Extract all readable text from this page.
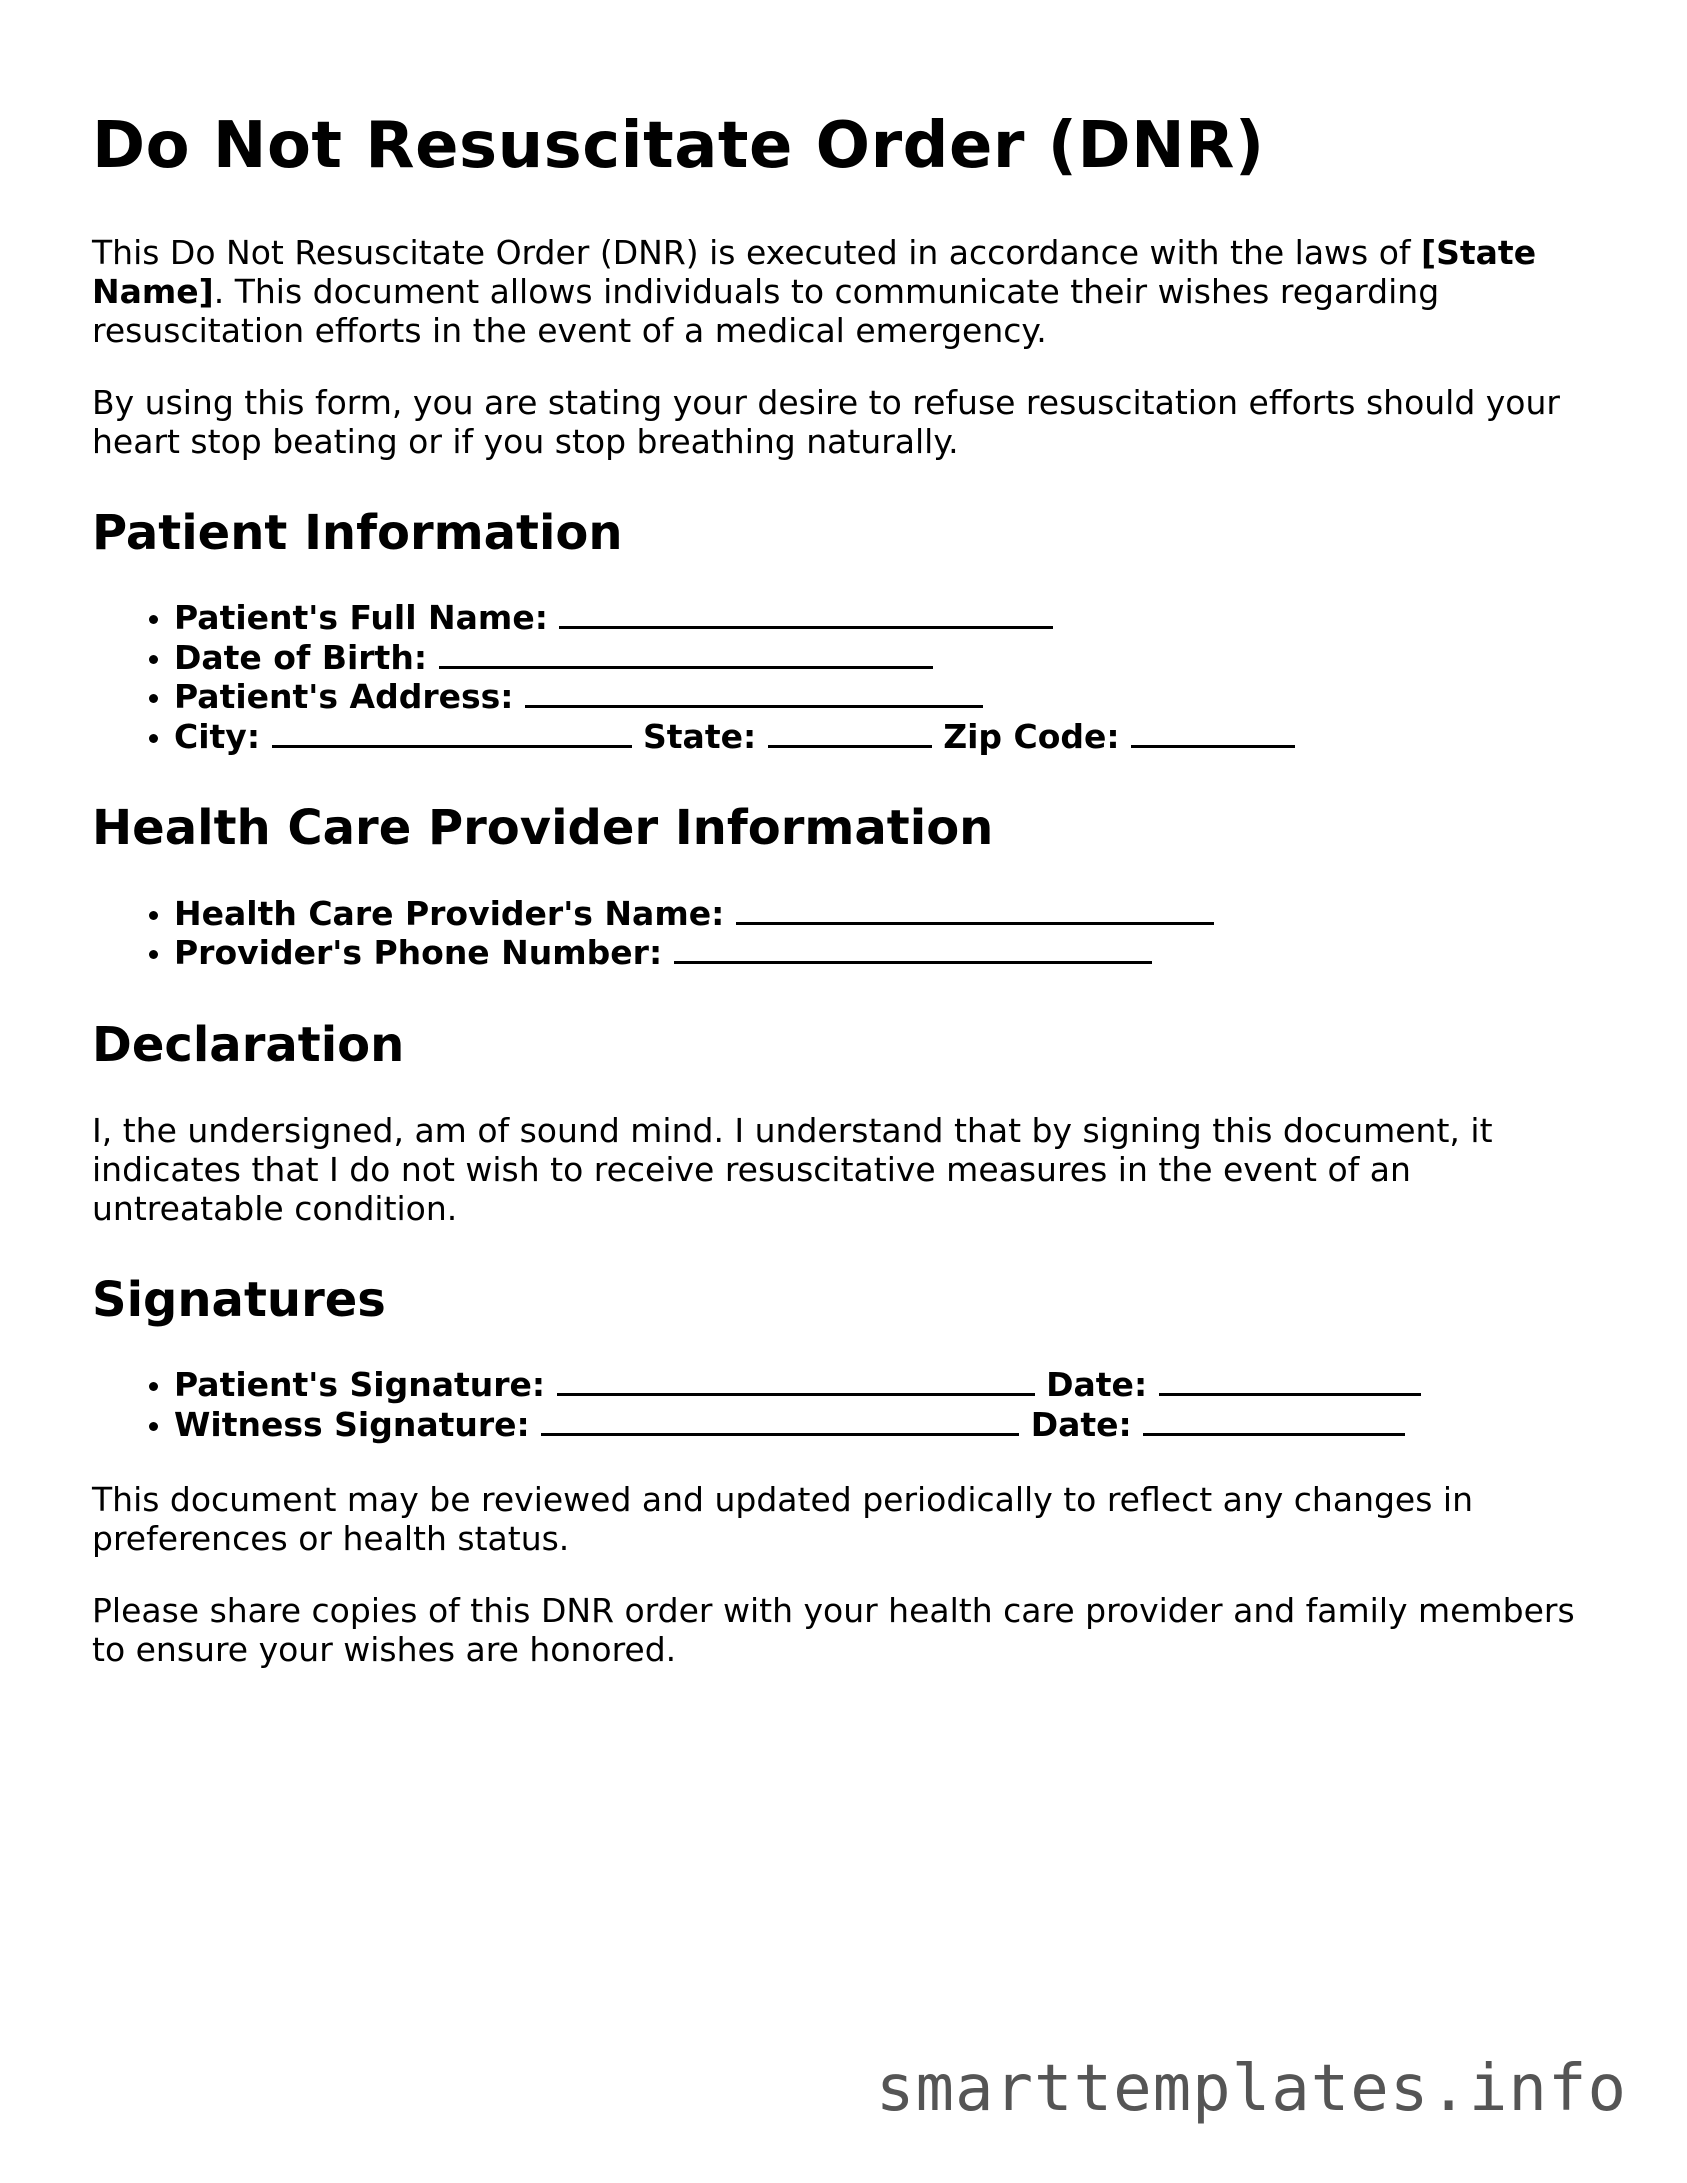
Do Not Resuscitate Order (DNR)

This Do Not Resuscitate Order (DNR) is executed in accordance with the laws of [State Name]. This document allows individuals to communicate their wishes regarding resuscitation efforts in the event of a medical emergency.

By using this form, you are stating your desire to refuse resuscitation efforts should your heart stop beating or if you stop breathing naturally.

Patient Information
• Patient's Full Name:
• Date of Birth:
• Patient's Address:
• City:	State:	Zip Code:
Health Care Provider Information
• Health Care Provider's Name:
• Provider's Phone Number:
Declaration

I, the undersigned, am of sound mind. I understand that by signing this document, it indicates that I do not wish to receive resuscitative measures in the event of an untreatable condition.

Signatures
• Patient's Signature:	Date:
• Witness Signature:	Date:

This document may be reviewed and updated periodically to reflect any changes in preferences or health status.

Please share copies of this DNR order with your health care provider and family members to ensure your wishes are honored.

smarttemplates.info
